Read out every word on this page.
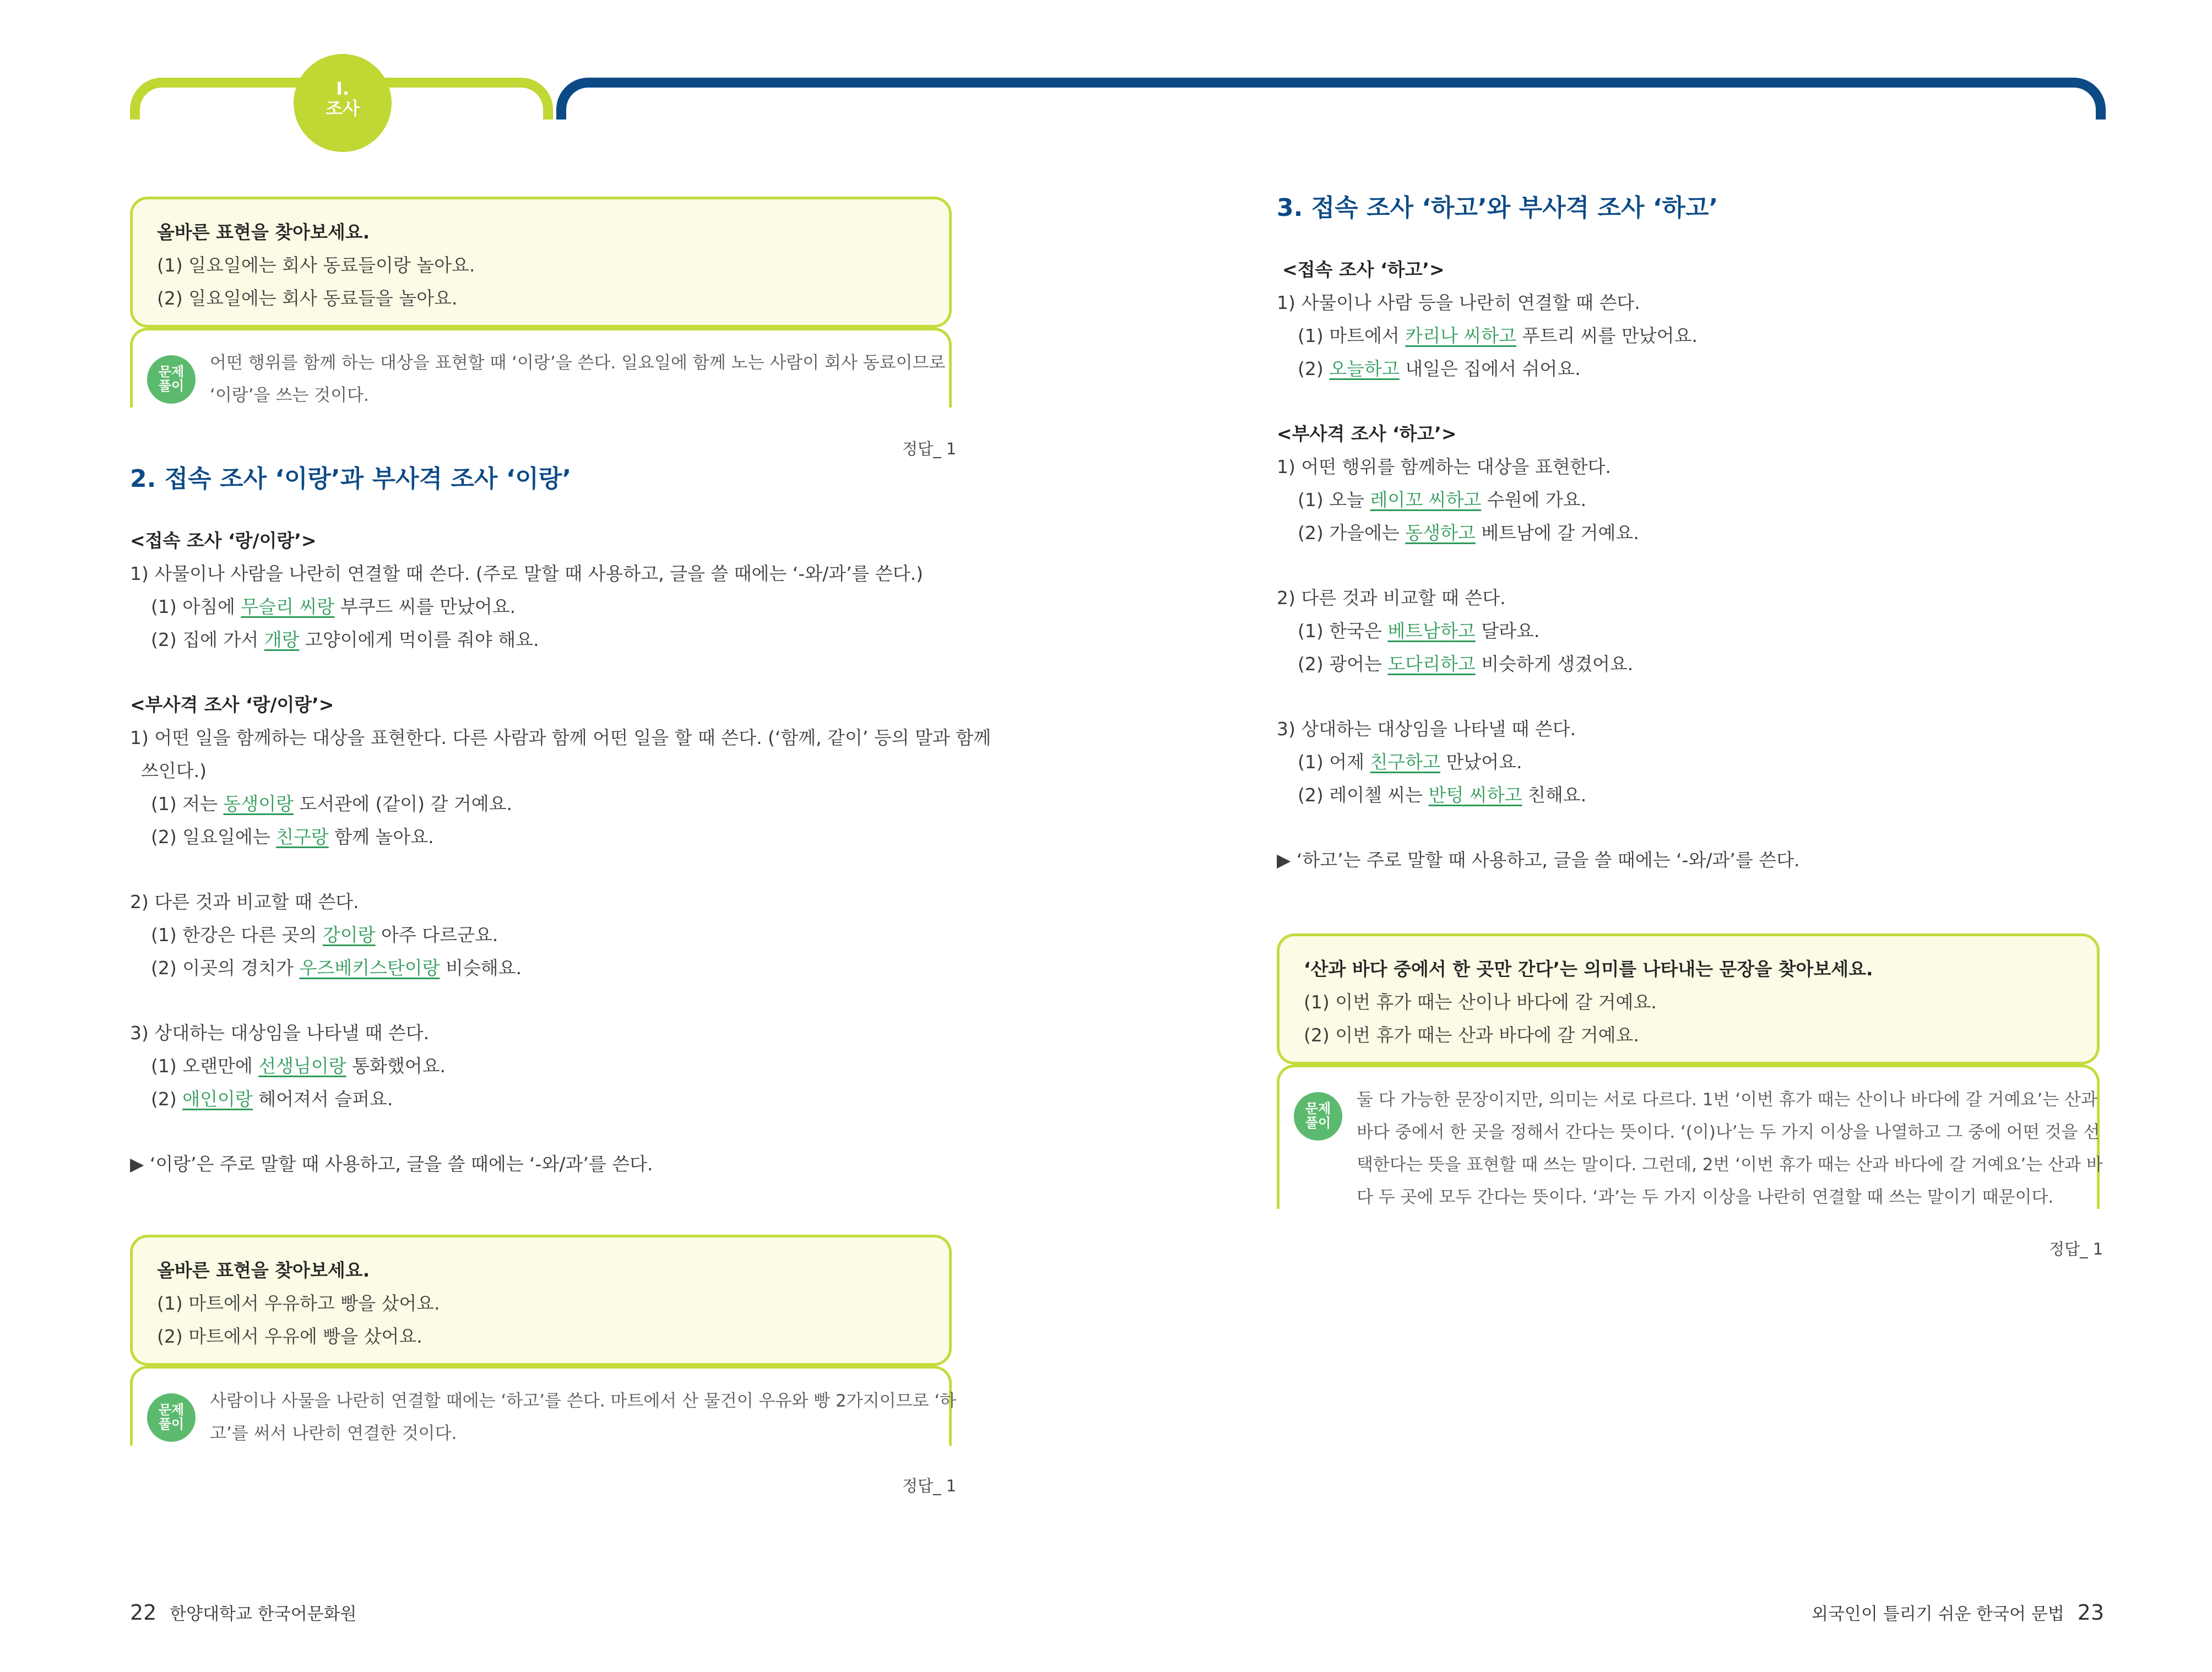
I.
조사
올바른 표현을 찾아보세요.
(1) 일요일에는 회사 동료들이랑 놀아요.
(2) 일요일에는 회사 동료들을 놀아요.
문제
풀이
어떤 행위를 함께 하는 대상을 표현할 때 ‘이랑’을 쓴다. 일요일에 함께 노는 사람이 회사 동료이므로
‘이랑’을 쓰는 것이다.
정답_ 1
2. 접속 조사 ‘이랑’과 부사격 조사 ‘이랑’
<접속 조사 ‘랑/이랑’>
1) 사물이나 사람을 나란히 연결할 때 쓴다. (주로 말할 때 사용하고, 글을 쓸 때에는 ‘-와/과’를 쓴다.)
(1) 아침에 무슬리 씨랑 부쿠드 씨를 만났어요.
(2) 집에 가서 개랑 고양이에게 먹이를 줘야 해요.
<부사격 조사 ‘랑/이랑’>
1) 어떤 일을 함께하는 대상을 표현한다. 다른 사람과 함께 어떤 일을 할 때 쓴다. (‘함께, 같이’ 등의 말과 함께
쓰인다.)
(1) 저는 동생이랑 도서관에 (같이) 갈 거예요.
(2) 일요일에는 친구랑 함께 놀아요.
2) 다른 것과 비교할 때 쓴다.
(1) 한강은 다른 곳의 강이랑 아주 다르군요.
(2) 이곳의 경치가 우즈베키스탄이랑 비슷해요.
3) 상대하는 대상임을 나타낼 때 쓴다.
(1) 오랜만에 선생님이랑 통화했어요.
(2) 애인이랑 헤어져서 슬퍼요.
▶ ‘이랑’은 주로 말할 때 사용하고, 글을 쓸 때에는 ‘-와/과’를 쓴다.
올바른 표현을 찾아보세요.
(1) 마트에서 우유하고 빵을 샀어요.
(2) 마트에서 우유에 빵을 샀어요.
문제
풀이
사람이나 사물을 나란히 연결할 때에는 ‘하고’를 쓴다. 마트에서 산 물건이 우유와 빵 2가지이므로 ‘하
고’를 써서 나란히 연결한 것이다.
정답_ 1
3. 접속 조사 ‘하고’와 부사격 조사 ‘하고’
<접속 조사 ‘하고’>
1) 사물이나 사람 등을 나란히 연결할 때 쓴다.
(1) 마트에서 카리나 씨하고 푸트리 씨를 만났어요.
(2) 오늘하고 내일은 집에서 쉬어요.
<부사격 조사 ‘하고’>
1) 어떤 행위를 함께하는 대상을 표현한다.
(1) 오늘 레이꼬 씨하고 수원에 가요.
(2) 가을에는 동생하고 베트남에 갈 거예요.
2) 다른 것과 비교할 때 쓴다.
(1) 한국은 베트남하고 달라요.
(2) 광어는 도다리하고 비슷하게 생겼어요.
3) 상대하는 대상임을 나타낼 때 쓴다.
(1) 어제 친구하고 만났어요.
(2) 레이첼 씨는 반텅 씨하고 친해요.
▶ ‘하고’는 주로 말할 때 사용하고, 글을 쓸 때에는 ‘-와/과’를 쓴다.
‘산과 바다 중에서 한 곳만 간다’는 의미를 나타내는 문장을 찾아보세요.
(1) 이번 휴가 때는 산이나 바다에 갈 거예요.
(2) 이번 휴가 때는 산과 바다에 갈 거예요.
문제
풀이
둘 다 가능한 문장이지만, 의미는 서로 다르다. 1번 ‘이번 휴가 때는 산이나 바다에 갈 거예요’는 산과
바다 중에서 한 곳을 정해서 간다는 뜻이다. ‘(이)나’는 두 가지 이상을 나열하고 그 중에 어떤 것을 선
택한다는 뜻을 표현할 때 쓰는 말이다. 그런데, 2번 ‘이번 휴가 때는 산과 바다에 갈 거예요’는 산과 바
다 두 곳에 모두 간다는 뜻이다. ‘과’는 두 가지 이상을 나란히 연결할 때 쓰는 말이기 때문이다.
정답_ 1
22 한양대학교 한국어문화원	외국인이 틀리기 쉬운 한국어 문법 23
